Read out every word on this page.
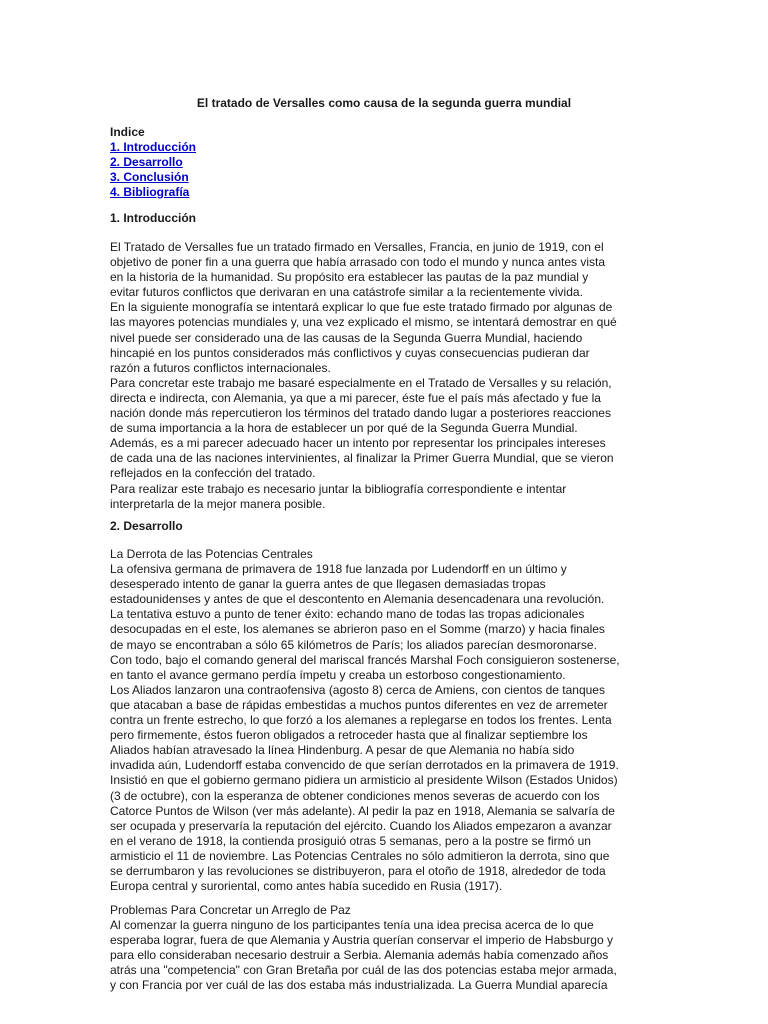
El tratado de Versalles como causa de la segunda guerra mundial
Indice
1. Introducción
2. Desarrollo
3. Conclusión
4. Bibliografía
1. Introducción
El Tratado de Versalles fue un tratado firmado en Versalles, Francia, en junio de 1919, con el
objetivo de poner fin a una guerra que había arrasado con todo el mundo y nunca antes vista
en la historia de la humanidad. Su propósito era establecer las pautas de la paz mundial y
evitar futuros conflictos que derivaran en una catástrofe similar a la recientemente vivida.
En la siguiente monografía se intentará explicar lo que fue este tratado firmado por algunas de
las mayores potencias mundiales y, una vez explicado el mismo, se intentará demostrar en qué
nivel puede ser considerado una de las causas de la Segunda Guerra Mundial, haciendo
hincapié en los puntos considerados más conflictivos y cuyas consecuencias pudieran dar
razón a futuros conflictos internacionales.
Para concretar este trabajo me basaré especialmente en el Tratado de Versalles y su relación,
directa e indirecta, con Alemania, ya que a mi parecer, éste fue el país más afectado y fue la
nación donde más repercutieron los términos del tratado dando lugar a posteriores reacciones
de suma importancia a la hora de establecer un por qué de la Segunda Guerra Mundial.
Además, es a mi parecer adecuado hacer un intento por representar los principales intereses
de cada una de las naciones intervinientes, al finalizar la Primer Guerra Mundial, que se vieron
reflejados en la confección del tratado.
Para realizar este trabajo es necesario juntar la bibliografía correspondiente e intentar
interpretarla de la mejor manera posible.
2. Desarrollo
La Derrota de las Potencias Centrales
La ofensiva germana de primavera de 1918 fue lanzada por Ludendorff en un último y
desesperado intento de ganar la guerra antes de que llegasen demasiadas tropas
estadounidenses y antes de que el descontento en Alemania desencadenara una revolución.
La tentativa estuvo a punto de tener éxito: echando mano de todas las tropas adicionales
desocupadas en el este, los alemanes se abrieron paso en el Somme (marzo) y hacia finales
de mayo se encontraban a sólo 65 kilómetros de París; los aliados parecían desmoronarse.
Con todo, bajo el comando general del mariscal francés Marshal Foch consiguieron sostenerse,
en tanto el avance germano perdía ímpetu y creaba un estorboso congestionamiento.
Los Aliados lanzaron una contraofensiva (agosto 8) cerca de Amiens, con cientos de tanques
que atacaban a base de rápidas embestidas a muchos puntos diferentes en vez de arremeter
contra un frente estrecho, lo que forzó a los alemanes a replegarse en todos los frentes. Lenta
pero firmemente, éstos fueron obligados a retroceder hasta que al finalizar septiembre los
Aliados habían atravesado la línea Hindenburg. A pesar de que Alemania no había sido
invadida aún, Ludendorff estaba convencido de que serían derrotados en la primavera de 1919.
Insistió en que el gobierno germano pidiera un armisticio al presidente Wilson (Estados Unidos)
(3 de octubre), con la esperanza de obtener condiciones menos severas de acuerdo con los
Catorce Puntos de Wilson (ver más adelante). Al pedir la paz en 1918, Alemania se salvaría de
ser ocupada y preservaría la reputación del ejército. Cuando los Aliados empezaron a avanzar
en el verano de 1918, la contienda prosiguió otras 5 semanas, pero a la postre se firmó un
armisticio el 11 de noviembre. Las Potencias Centrales no sólo admitieron la derrota, sino que
se derrumbaron y las revoluciones se distribuyeron, para el otoño de 1918, alrededor de toda
Europa central y suroriental, como antes había sucedido en Rusia (1917).
Problemas Para Concretar un Arreglo de Paz
Al comenzar la guerra ninguno de los participantes tenía una idea precisa acerca de lo que
esperaba lograr, fuera de que Alemania y Austria querían conservar el imperio de Habsburgo y
para ello consideraban necesario destruir a Serbia. Alemania además había comenzado años
atrás una "competencia" con Gran Bretaña por cuál de las dos potencias estaba mejor armada,
y con Francia por ver cuál de las dos estaba más industrializada. La Guerra Mundial aparecía
